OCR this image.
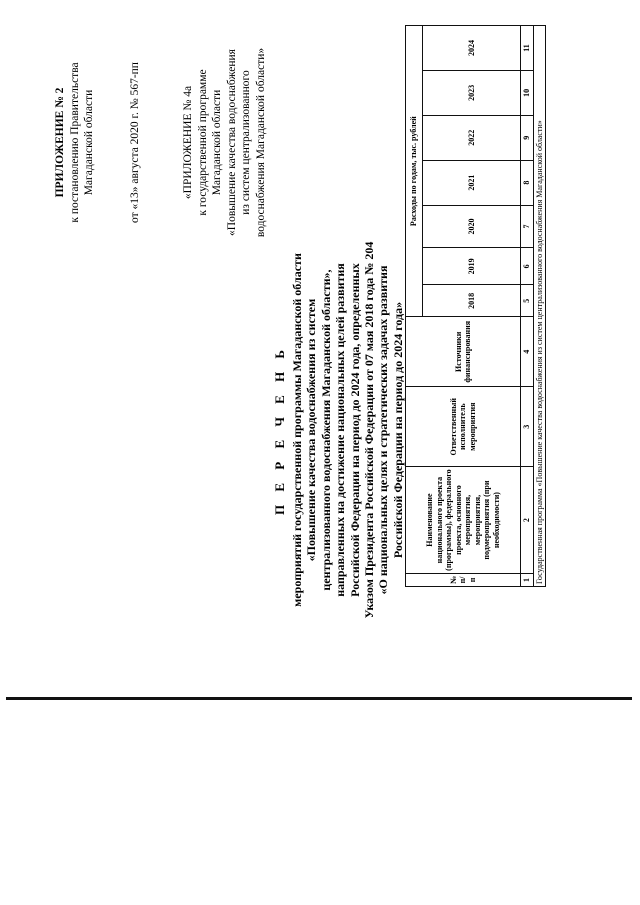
ПРИЛОЖЕНИЕ № 2 к постановлению Правительства Магаданской области	от «13» августа 2020 г. № 567-пп	«ПРИЛОЖЕНИЕ № 4а к государственной программе Магаданской области «Повышение качества водоснабжения из систем централизованного водоснабжения Магаданской области»
П Е Р Е Ч Е Н Ь мероприятий государственной программы Магаданской области «Повышение качества водоснабжения из систем централизованного водоснабжения Магаданской области», направленных на достижение национальных целей развития Российской Федерации на период до 2024 года, определенных Указом Президента Российской Федерации от 07 мая 2018 года № 204 «О национальных целях и стратегических задачах развития Российской Федерации на период до 2024 года»
№ п/ п	Наименование национального проекта (программы), федерального проекта, основного мероприятия, мероприятия, подмероприятия (при необходимости)	Ответственный исполнитель мероприятия	Источники финансирования	Расходы по годам, тыс. рублей						
				2018	2019	2020	2021	2022	2023	2024
1	2	3	4	5	6	7	8	9	10	11
Государственная программа «Повышение качества водоснабжения из систем централизованного водоснабжения Магаданской области»										
